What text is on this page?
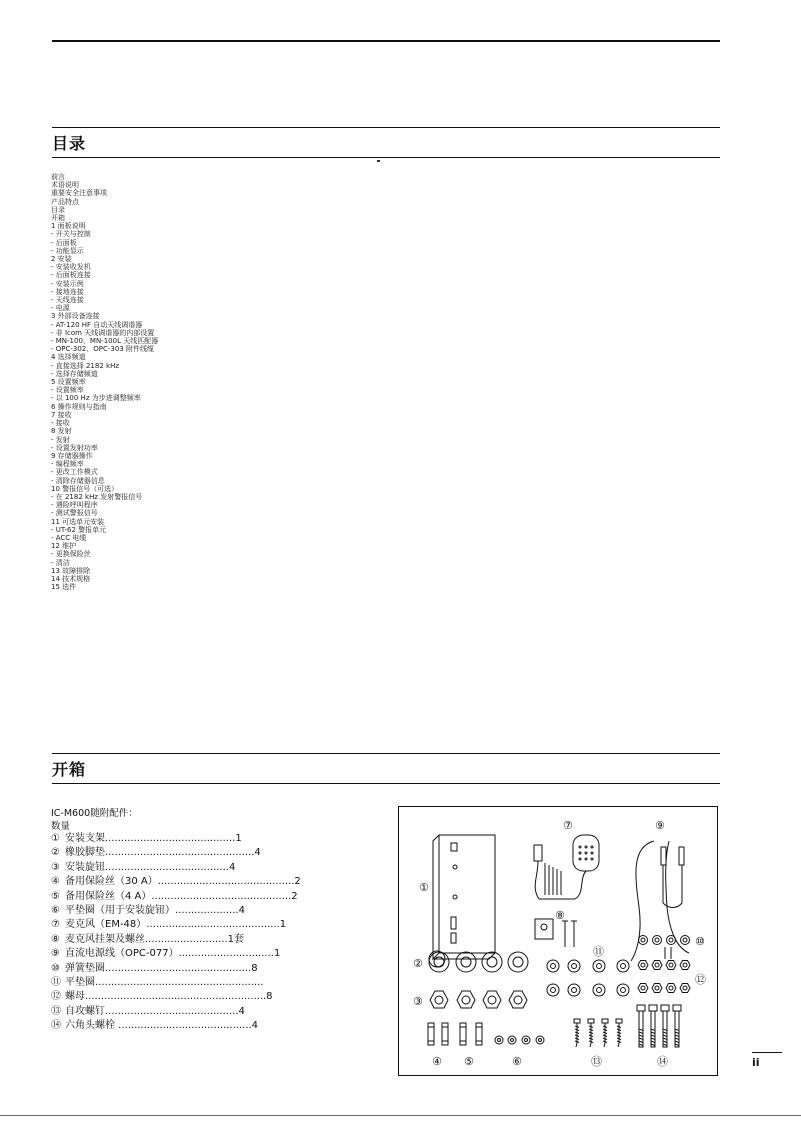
目录
前言
术语说明
重要安全注意事项
产品特点
目录
开箱
1 面板说明
- 开关与控制
- 后面板
- 功能显示
2 安装
- 安装收发机
- 后面板连接
- 安装示例
- 接地连接
- 天线连接
- 电源
3 外部设备连接
- AT-120 HF 自动天线调谐器
- 非 Icom 天线调谐器的内部设置
- MN-100、MN-100L 天线匹配器
- OPC-302、OPC-303 附件线缆
4 选择频道
- 直接选择 2182 kHz
- 选择存储频道
5 设置频率
- 设置频率
- 以 100 Hz 为步进调整频率
6 操作规则与指南
7 接收
- 接收
8 发射
- 发射
- 设置发射功率
9 存储器操作
- 编程频率
- 更改工作模式
- 清除存储器信息
10 警报信号（可选）
- 在 2182 kHz 发射警报信号
- 遇险呼叫程序
- 测试警报信号
11 可选单元安装
- UT-62 警报单元
- ACC 电缆
12 维护
- 更换保险丝
- 清洁
13 故障排除
14 技术规格
15 选件
开箱
IC-M600随附配件：
数量
① 安装支架.........................................1
② 橡胶脚垫...............................................4
③ 安装旋钮.......................................4
④ 备用保险丝（30 A）...........................................2
⑤ 备用保险丝（4 A）............................................2
⑥ 平垫圈（用于安装旋钮）....................4
⑦ 麦克风（EM-48）..........................................1
⑧ 麦克风挂架及螺丝..........................1套
⑨ 直流电源线（OPC-077）..............................1
⑩ 弹簧垫圈..............................................8
⑪ 平垫圈.....................................................
⑫ 螺母.........................................................8
⑬ 自攻螺钉..........................................4
⑭ 六角头螺栓 ..........................................4
①
⑦	⑨
⑧
⑪
⑩
②
⑫
③
④ ⑤	⑥	⑬	⑭	ii
